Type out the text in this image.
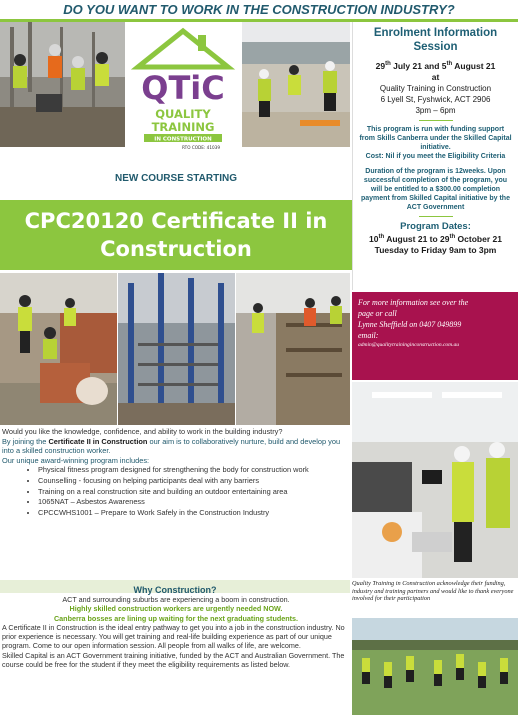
DO YOU WANT TO WORK IN THE CONSTRUCTION INDUSTRY?
QTiC
QUALITY
TRAINING
IN CONSTRUCTION
RTO CODE: 41039
Enrolment Information
Session
29th July 21 and 5th August 21
at
Quality Training in Construction
6 Lyell St, Fyshwick, ACT 2906
3pm – 6pm
This program is run with funding support from Skills Canberra under the Skilled Capital initiative.
Cost: Nil if you meet the Eligibility Criteria
Duration of the program is 12weeks. Upon successful completion of the program, you will be entitled to a $300.00 completion payment from Skilled Capital initiative by the ACT Government
Program Dates:
10th August 21 to 29th October 21
Tuesday to Friday 9am to 3pm
NEW COURSE STARTING
CPC20120 Certificate II in
Construction
For more information see over the
page or call
Lynne Sheffield on 0407 049899
email:
admin@qualitytraininginconstruction.com.au
Would you like the knowledge, confidence, and ability to work in the building industry?
By joining the Certificate II in Construction our aim is to collaboratively nurture, build and develop you into a skilled construction worker.
Our unique award-winning program includes:
• Physical fitness program designed for strengthening the body for construction work
• Counselling - focusing on helping participants deal with any barriers
• Training on a real construction site and building an outdoor entertaining area
• 1065NAT – Asbestos Awareness
• CPCCWHS1001 – Prepare to Work Safely in the Construction Industry
Why Construction?
ACT and surrounding suburbs are experiencing a boom in construction.
Highly skilled construction workers are urgently needed NOW.
Canberra bosses are lining up waiting for the next graduating students.
A Certificate II in Construction is the ideal entry pathway to get you into a job in the construction industry. No prior experience is necessary. You will get training and real-life building experience as part of our unique program. Come to our open information session. All people from all walks of life, are welcome.
Skilled Capital is an ACT Government training initiative, funded by the ACT and Australian Government. The course could be free for the student if they meet the eligibility requirements as listed below.
Quality Training in Construction acknowledge their funding, industry and training partners and would like to thank everyone involved for their participation
